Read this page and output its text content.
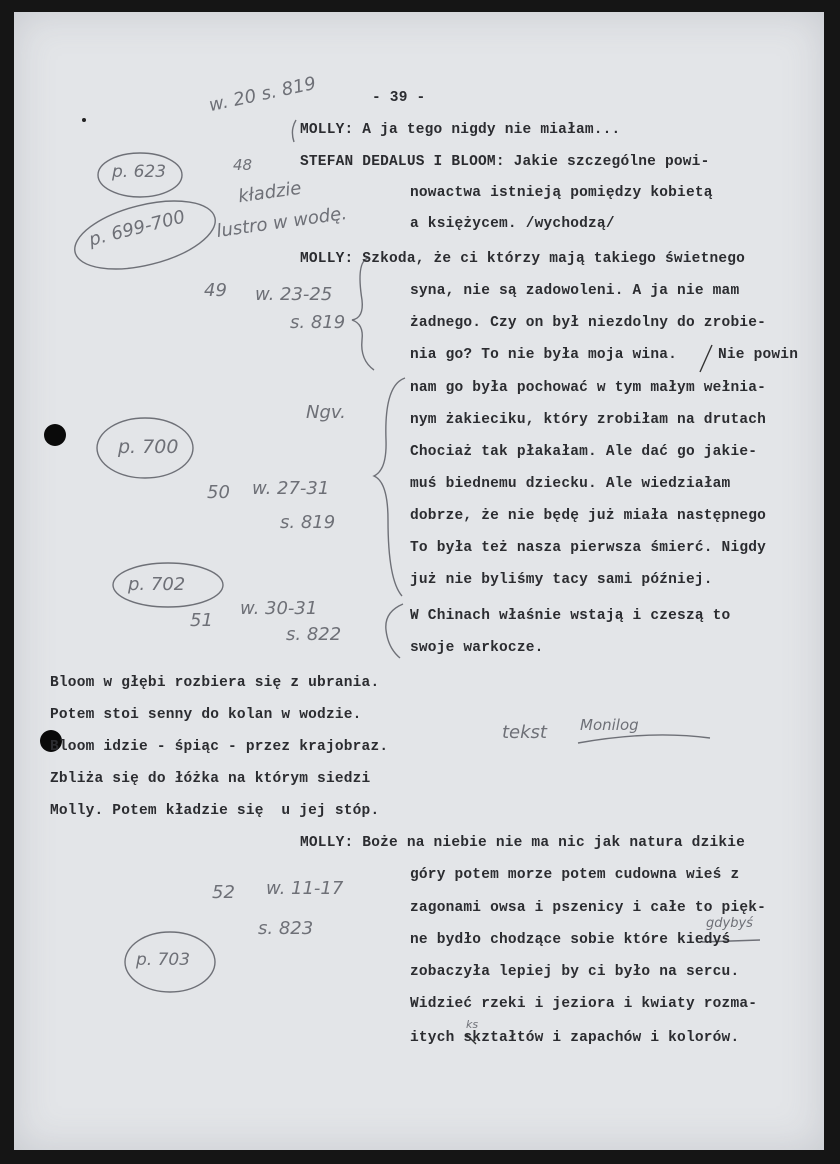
- 39 -
MOLLY: A ja tego nigdy nie miałam...
STEFAN DEDALUS I BLOOM: Jakie szczególne powi-
nowactwa istnieją pomiędzy kobietą
a księżycem. /wychodzą/
MOLLY: Szkoda, że ci którzy mają takiego świetnego
syna, nie są zadowoleni. A ja nie mam
żadnego. Czy on był niezdolny do zrobie-
nia go? To nie była moja wina.	Nie powin
nam go była pochować w tym małym wełnia-
nym żakieciku, który zrobiłam na drutach
Chociaż tak płakałam. Ale dać go jakie-
muś biednemu dziecku. Ale wiedziałam
dobrze, że nie będę już miała następnego
To była też nasza pierwsza śmierć. Nigdy
już nie byliśmy tacy sami później.
W Chinach właśnie wstają i czeszą to
swoje warkocze.
Bloom w głębi rozbiera się z ubrania.
Potem stoi senny do kolan w wodzie.
Bloom idzie - śpiąc - przez krajobraz.
Zbliża się do łóżka na którym siedzi
Molly. Potem kładzie się  u jej stóp.
MOLLY: Boże na niebie nie ma nic jak natura dzikie
góry potem morze potem cudowna wieś z
zagonami owsa i pszenicy i całe to pięk-
ne bydło chodzące sobie które kiedyś
zobaczyła lepiej by ci było na sercu.
Widzieć rzeki i jeziora i kwiaty rozma-
itych skztałtów i zapachów i kolorów.
w. 20 s. 819
p. 623	48
kładzie
lustro w wodę.
p. 699-700
49 w. 23-25
s. 819
Ngv.
p. 700
50 w. 27-31
s. 819
p. 702
51
w. 30-31
s. 822
tekst Monilog
52 w. 11-17
s. 823
p. 703
gdybyś
ks
